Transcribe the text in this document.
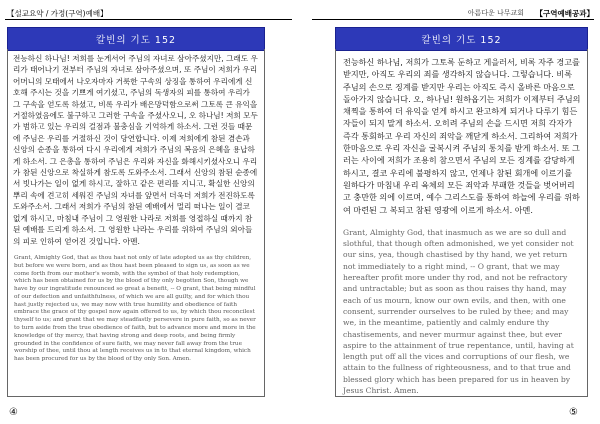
【설교요약 / 가정(구역)예배】
칼빈의 기도 152
전능하신 하나님! 저희를 눈게서어 주님의 자녀로 삼아주셨지만, 그래도 우리가 태어나기 전부터 주님의 자녀로 삼아주셨으며, 또 주님이 저희가 우리 어머니의 모태에서 나오자마자 거룩한 구속의 상징을 통하여 우리에게 신호해 주시는 것을 기쁘게 여기셨고, 주님의 독생자의 피를 통하여 우리가 그 구속을 얻도록 하셨고, 비록 우리가 배은망덕함으로써 그토록 큰 유익을 거절하였음에도 불구하고 그러한 구속을 주셨사오니, 오 하나님! 저희 모두가 범하고 있는 우리의 걸점과 불충심을 기억하게 하소서. 그런 것들 때문에 주님은 우리를 거절하신 것이 당연합니다. 이제 저희에게 참된 겸손과 신앙의 순종을 통하여 다시 우리에게 저희가 주님의 복음의 은혜을 용납하게 하소서. 그 은총을 통하여 주님은 우리와 자신을 화해시키셨사오니 우리가 참된 신앙으로 착실하게 참도록 도와주소서. 그래서 신앙의 참된 순종에서 빗나가는 일이 없게 하시고, 잘하고 같은 편리를 지니고, 확실한 신앙의 뿌리 속에 견고히 세워진 주님의 자녀를 앞면서 더욱더 저희가 전진하도록 도와주소서. 그래서 저희가 주님의 참된 예배에서 멀리 떠나는 일이 결코 없게 하시고, 마침내 주님이 그 영원한 나라로 저희를 영접하실 때까지 참된 예배를 드리게 하소서. 그 영원한 나라는 우리를 위하여 주님의 외아들의 피로 인하여 얻어진 것입니다. 아멘.
Grant, Almighty God, that as thou hast not only of late adopted us as thy children, but before we were born, and as thou hast been pleased to sign us, as soon as we come forth from our mother's womb, with the symbol of that holy redemption, which has been obtained for us by the blood of thy only begotten Son, though we have by our ingratitude renounced so great a benefit, -- O grant, that being mindful of our defection and unfaithfulness, of which we are all guilty, and for which thou hast justly rejected us, we may now with true humility and obedience of faith embrace the grace of thy gospel now again offered to us, by which thou reconcilest thyself to us; and grant that we may steadfastly persevere in pure faith, so as never to turn aside from the true obedience of faith, but to advance more and more in the knowledge of thy mercy, that having strong and deep roots, and being firmly grounded in the confidence of sure faith, we may never fall away from the true worship of thee, until thou at length receives us in to that eternal kingdom, which has been procured for us by the blood of thy only Son. Amen.
④
아름다운 나무교회 【구역예배공과】
칼빈의 기도 152
전능하신 하나님, 저희가 그토록 둔하고 게을러서, 비록 자주 경고를 받지만, 아직도 우리의 죄를 생각하지 않습니다. 그렇습니다. 비록 주님의 손으로 징계를 받지만 우리는 아직도 즉시 올바른 마음으로 돌아가지 않습니다. 오, 하나님! 원하옵기는 저희가 이제부터 주님의 채찍을 통하여 더 유익을 얻게 하시고 완고하게 되거나 다루기 힘든 자들이 되지 말게 하소서. 오히려 주님의 손을 드시면 저희 각자가 즉각 통회하고 우리 자신의 죄악을 깨닫게 하소서. 그리하여 저희가 한마음으로 우리 자신을 굴복시켜 주님의 통치를 받게 하소서. 또 그러는 사이에 저희가 조용히 참으면서 주님의 모든 징계를 감당하게 하시고, 결코 우리에 불평하지 않고, 언제나 참된 회개에 이르기를 원하다가 마침내 우리 육체의 모든 죄악과 부패한 것들을 벗어버리고 충만한 의에 이르며, 예수 그리스도를 통하여 하늘에 우리를 위하여 마련된 그 복되고 참된 영광에 이르게 하소서. 아멘.
Grant, Almighty God, that inasmuch as we are so dull and slothful, that though often admonished, we yet consider not our sins, yea, though chastised by thy hand, we yet return not immediately to a right mind, -- O grant, that we may hereafter profit more under thy rod, and not be refractory and untractable; but as soon as thou raises thy hand, may each of us mourn, know our own evils, and then, with one consent, surrender ourselves to be ruled by thee; and may we, in the meantime, patiently and calmly endure thy chastisements, and never murmur against thee, but ever aspire to the attainment of true repentance, until, having at length put off all the vices and corruptions of our flesh, we attain to the fullness of righteousness, and to that true and blessed glory which has been prepared for us in heaven by Jesus Christ. Amen.
⑤
